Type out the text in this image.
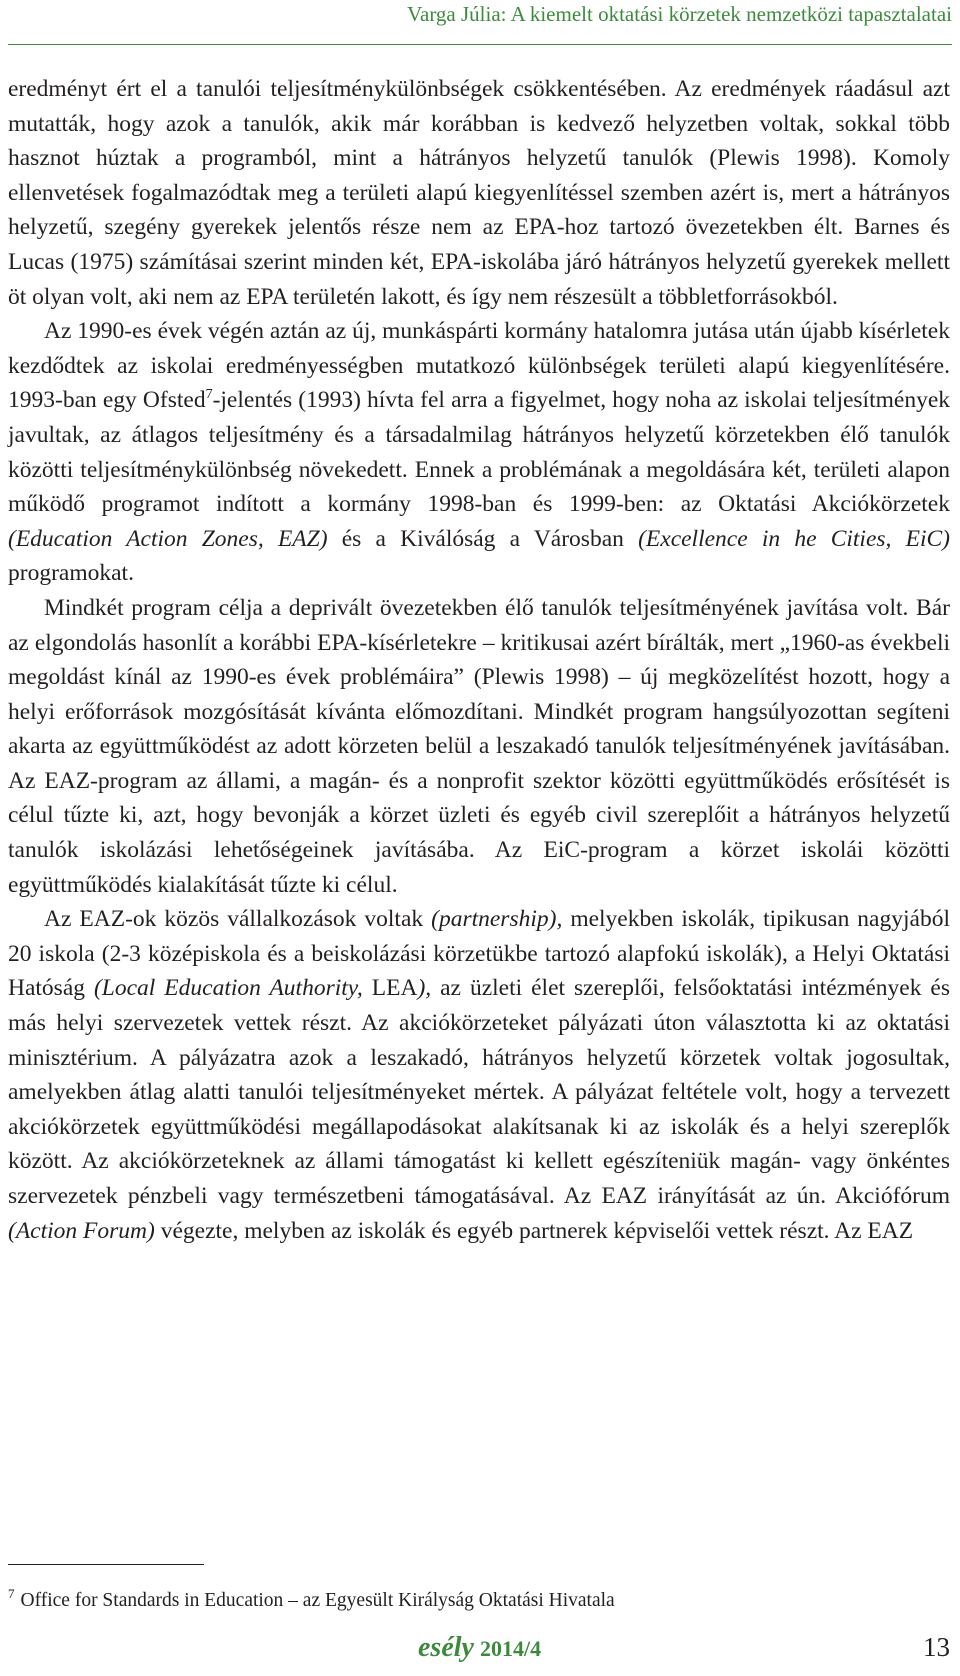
Varga Júlia: A kiemelt oktatási körzetek nemzetközi tapasztalatai

eredményt ért el a tanulói teljesítménykülönbségek csökkentésében. Az eredmények ráadásul azt mutatták, hogy azok a tanulók, akik már korábban is kedvező helyzetben voltak, sokkal több hasznot húztak a programból, mint a hátrányos helyzetű tanulók (Plewis 1998). Komoly ellenvetések fogalmazódtak meg a területi alapú kiegyenlítéssel szemben azért is, mert a hátrányos helyzetű, szegény gyerekek jelentős része nem az EPA-hoz tartozó övezetekben élt. Barnes és Lucas (1975) számításai szerint minden két, EPA-iskolába járó hátrányos helyzetű gyerekek mellett öt olyan volt, aki nem az EPA területén lakott, és így nem részesült a többletforrásokból.

Az 1990-es évek végén aztán az új, munkáspárti kormány hatalomra jutása után újabb kísérletek kezdődtek az iskolai eredményességben mutatkozó különbségek területi alapú kiegyenlítésére. 1993-ban egy Ofsted$^7$-jelentés (1993) hívta fel arra a figyelmet, hogy noha az iskolai teljesítmények javultak, az átlagos teljesítmény és a társadalmilag hátrányos helyzetű körzetekben élő tanulók közötti teljesítménykülönbség növekedett. Ennek a problémának a megoldására két, területi alapon működő programot indított a kormány 1998-ban és 1999-ben: az Oktatási Akciókörzetek (Education Action Zones, EAZ) és a Kiválóság a Városban (Excellence in he Cities, EiC) programokat.

Mindkét program célja a deprivált övezetekben élő tanulók teljesítményének javítása volt. Bár az elgondolás hasonlít a korábbi EPA-kísérletekre – kritikusai azért bírálták, mert „1960-as évekbeli megoldást kínál az 1990-es évek problémáira” (Plewis 1998) – új megközelítést hozott, hogy a helyi erőforrások mozgósítását kívánta előmozdítani. Mindkét program hangsúlyozottan segíteni akarta az együttműködést az adott körzeten belül a leszakadó tanulók teljesítményének javításában. Az EAZ-program az állami, a magán- és a nonprofit szektor közötti együttműködés erősítését is célul tűzte ki, azt, hogy bevonják a körzet üzleti és egyéb civil szereplőit a hátrányos helyzetű tanulók iskolázási lehetőségeinek javításába. Az EiC-program a körzet iskolái közötti együttműködés kialakítását tűzte ki célul.

Az EAZ-ok közös vállalkozások voltak (partnership), melyekben iskolák, tipikusan nagyjából 20 iskola (2-3 középiskola és a beiskolázási körzetükbe tartozó alapfokú iskolák), a Helyi Oktatási Hatóság (Local Education Authority, LEA), az üzleti élet szereplői, felsőoktatási intézmények és más helyi szervezetek vettek részt. Az akciókörzeteket pályázati úton választotta ki az oktatási minisztérium. A pályázatra azok a leszakadó, hátrányos helyzetű körzetek voltak jogosultak, amelyekben átlag alatti tanulói teljesítményeket mértek. A pályázat feltétele volt, hogy a tervezett akciókörzetek együttműködési megállapodásokat alakítsanak ki az iskolák és a helyi szereplők között. Az akciókörzeteknek az állami támogatást ki kellett egészíteniük magán- vagy önkéntes szervezetek pénzbeli vagy természetbeni támogatásával. Az EAZ irányítását az ún. Akciófórum (Action Forum) végezte, melyben az iskolák és egyéb partnerek képviselői vettek részt. Az EAZ

$^7$ Office for Standards in Education – az Egyesült Királyság Oktatási Hivatala
esély 2014/4	13
